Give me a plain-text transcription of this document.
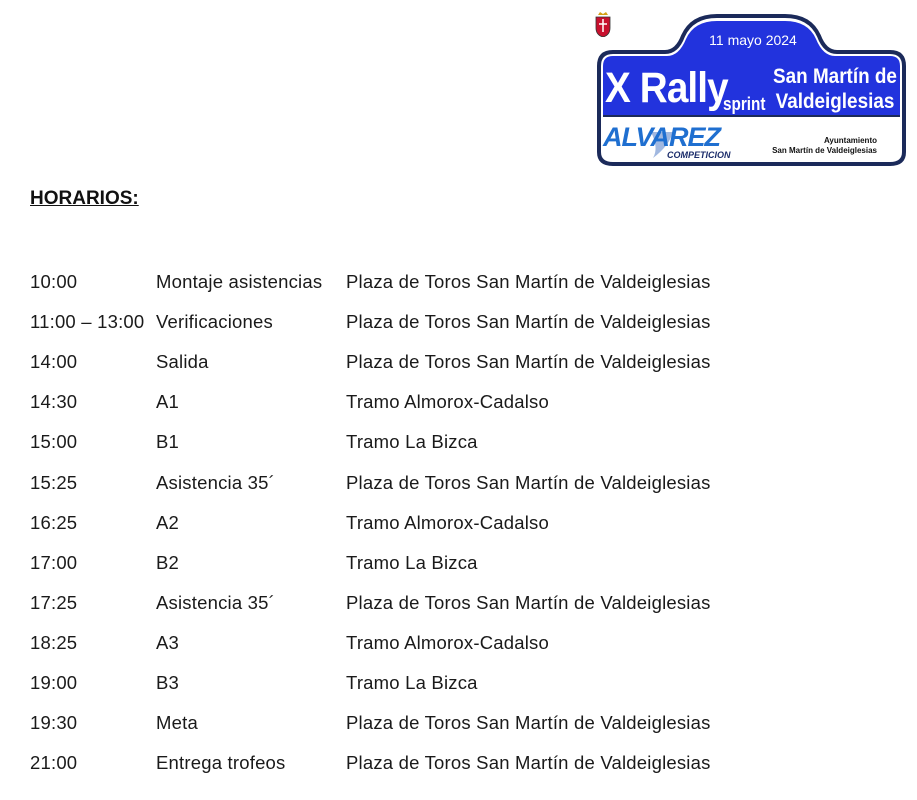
11 mayo 2024
X Rally
sprint
San Martín de
Valdeiglesias
ALVAREZ
COMPETICION
Ayuntamiento
San Martín de Valdeiglesias
HORARIOS:
10:00	Montaje asistencias	Plaza de Toros San Martín de Valdeiglesias
11:00 – 13:00 Verificaciones	Plaza de Toros San Martín de Valdeiglesias
14:00	Salida	Plaza de Toros San Martín de Valdeiglesias
14:30	A1	Tramo Almorox-Cadalso
15:00	B1	Tramo La Bizca
15:25	Asistencia 35´	Plaza de Toros San Martín de Valdeiglesias
16:25	A2	Tramo Almorox-Cadalso
17:00	B2	Tramo La Bizca
17:25	Asistencia 35´	Plaza de Toros San Martín de Valdeiglesias
18:25	A3	Tramo Almorox-Cadalso
19:00	B3	Tramo La Bizca
19:30	Meta	Plaza de Toros San Martín de Valdeiglesias
21:00	Entrega trofeos	Plaza de Toros San Martín de Valdeiglesias
